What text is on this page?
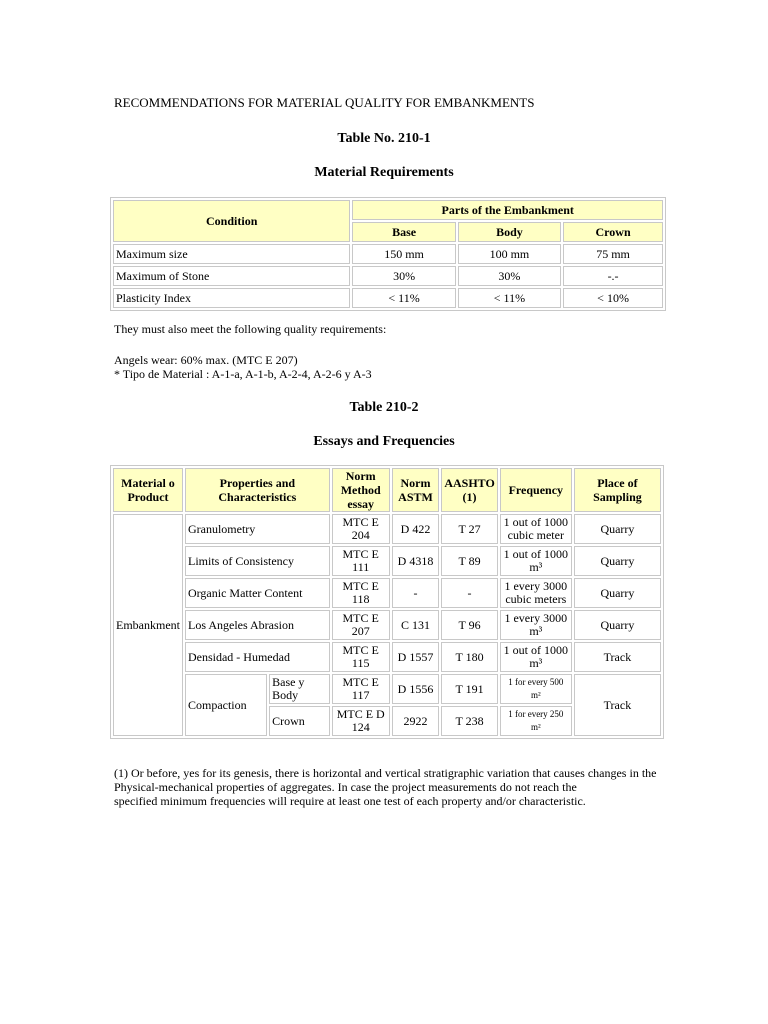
RECOMMENDATIONS FOR MATERIAL QUALITY FOR EMBANKMENTS
Table No. 210-1
Material Requirements
Condition	Parts of the Embankment		
	Base	Body	Crown
Maximum size	150 mm	100 mm	75 mm
Maximum of Stone	30%	30%	-.-
Plasticity Index	< 11%	< 11%	< 10%
They must also meet the following quality requirements:
Angels wear: 60% max. (MTC E 207)
* Tipo de Material : A-1-a, A-1-b, A-2-4, A-2-6 y A-3
Table 210-2
Essays and Frequencies
Material o Product	Properties and Characteristics		Norm Method essay	Norm ASTM	AASHTO (1)	Frequency	Place of Sampling
Embankment	Granulometry		MTC E 204	D 422	T 27	1 out of 1000 cubic meter	Quarry
	Limits of Consistency		MTC E 111	D 4318	T 89	1 out of 1000 m³	Quarry
	Organic Matter Content		MTC E 118	-	-	1 every 3000 cubic meters	Quarry
	Los Angeles Abrasion		MTC E 207	C 131	T 96	1 every 3000 m³	Quarry
	Densidad - Humedad		MTC E 115	D 1557	T 180	1 out of 1000 m³	Track
	Compaction	Base y Body	MTC E 117	D 1556	T 191	1 for every 500 m²	Track
		Crown	MTC E D 124	2922	T 238	1 for every 250 m²	
(1) Or before, yes for its genesis, there is horizontal and vertical stratigraphic variation that causes changes in the
Physical-mechanical properties of aggregates. In case the project measurements do not reach the
specified minimum frequencies will require at least one test of each property and/or characteristic.
